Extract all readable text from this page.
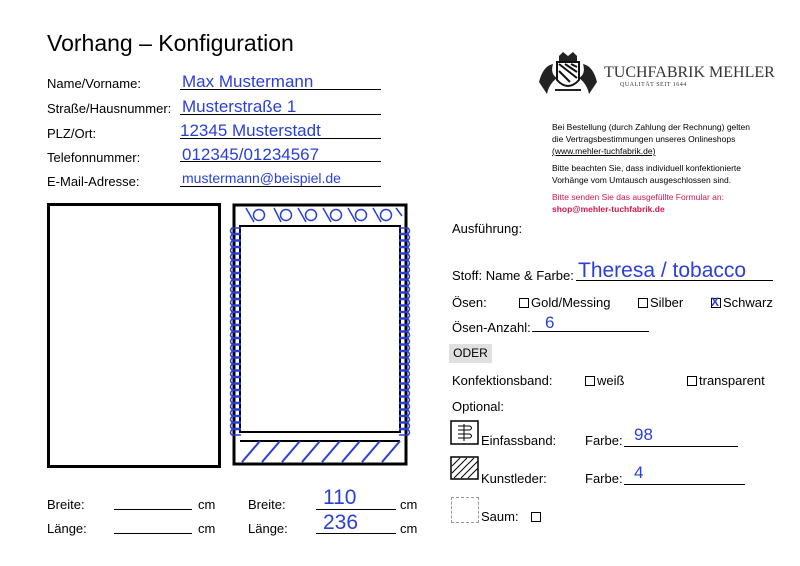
Vorhang – Konfiguration
Name/Vorname: Max Mustermann
Straße/Hausnummer: Musterstraße 1
PLZ/Ort:	12345 Musterstadt
Telefonnummer: 012345/01234567
E-Mail-Adresse:	mustermann@beispiel.de
TUCHFABRIK MEHLER
QUALITÄT SEIT 1644
Bei Bestellung (durch Zahlung der Rechnung) gelten
die Vertragsbestimmungen unseres Onlineshops
(www.mehler-tuchfabrik.de)
Bitte beachten Sie, dass individuell konfektionierte
Vorhänge vom Umtausch ausgeschlossen sind.
Bitte senden Sie das ausgefüllte Formular an:
shop@mehler-tuchfabrik.de
Ausführung:
Stoff: Name & Farbe: Theresa / tobacco
Ösen:	Gold/Messing	Silber
X	Schwarz
Ösen-Anzahl: 6
ODER
Konfektionsband:	weiß	transparent
Optional:
Einfassband: Farbe: 98
Kunstleder:	Farbe: 4
Saum:
Breite:	cm
Länge:	cm
Breite: 110	cm
Länge: 236	cm
